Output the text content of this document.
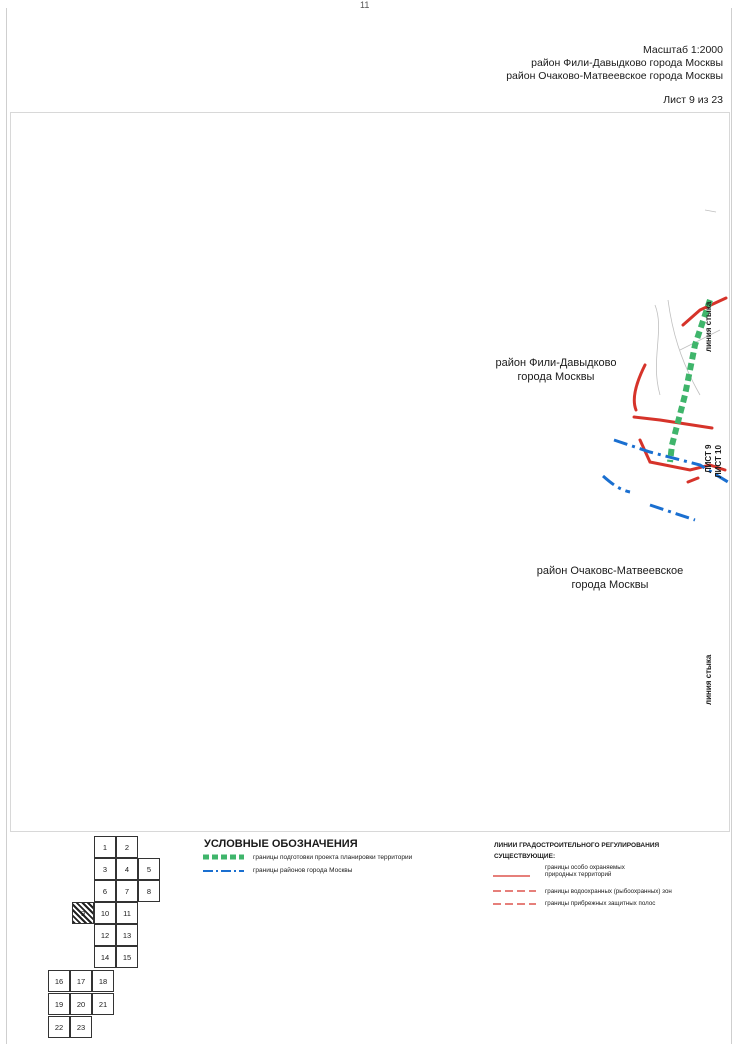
11
Масштаб 1:2000
район Фили-Давыдково города Москвы
район Очаково-Матвеевское города Москвы
Лист 9 из 23
район Фили-Давыдково
города Москвы
район Очаковс-Матвеевское
города Москвы
линия стыка
линия стыка
ЛИСТ 9 ЛИСТ 10
УСЛОВНЫЕ ОБОЗНАЧЕНИЯ
границы подготовки проекта планировки территории
границы районов города Москвы
ЛИНИИ ГРАДОСТРОИТЕЛЬНОГО РЕГУЛИРОВАНИЯ
СУЩЕСТВУЮЩИЕ:
границы особо охраняемых природных территорий
границы водоохранных (рыбоохранных) зон
границы прибрежных защитных полос
1	2
3	4	5
6	7	8
9	10	11
12	13
14	15
16	17	18
19	20	21
22	23
